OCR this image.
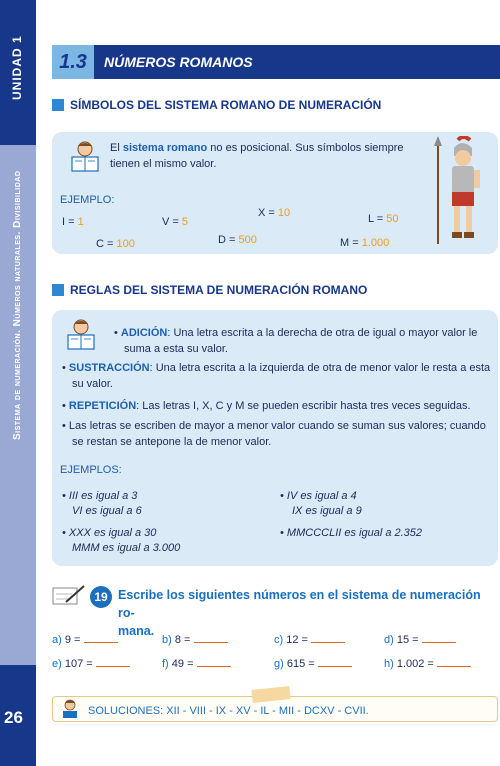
UNIDAD 1
Sistema de numeración. Números naturales. Divisibilidad
26
1.3	NÚMEROS ROMANOS
SÍMBOLOS DEL SISTEMA ROMANO DE NUMERACIÓN
El sistema romano no es posicional. Sus símbolos siempre
tienen el mismo valor.
EJEMPLO:
I = 1	V = 5
X = 10	L = 50
C = 100	D = 500	M = 1.000
REGLAS DEL SISTEMA DE NUMERACIÓN ROMANO
• ADICIÓN: Una letra escrita a la derecha de otra de igual o mayor valor le
suma a esta su valor.
• SUSTRACCIÓN: Una letra escrita a la izquierda de otra de menor valor le resta a esta
su valor.
• REPETICIÓN: Las letras I, X, C y M se pueden escribir hasta tres veces seguidas.
• Las letras se escriben de mayor a menor valor cuando se suman sus valores; cuando
se restan se antepone la de menor valor.
EJEMPLOS:
• III es igual a 3
VI es igual a 6
• IV es igual a 4
IX es igual a 9
• XXX es igual a 30
MMM es igual a 3.000
• MMCCCLII es igual a 2.352
19 Escribe los siguientes números en el sistema de numeración ro-
mana.
a) 9 =	b) 8 =	c) 12 =	d) 15 =
e) 107 =	f) 49 =	g) 615 =	h) 1.002 =
SOLUCIONES: XII - VIII - IX - XV - IL - MII - DCXV - CVII.
